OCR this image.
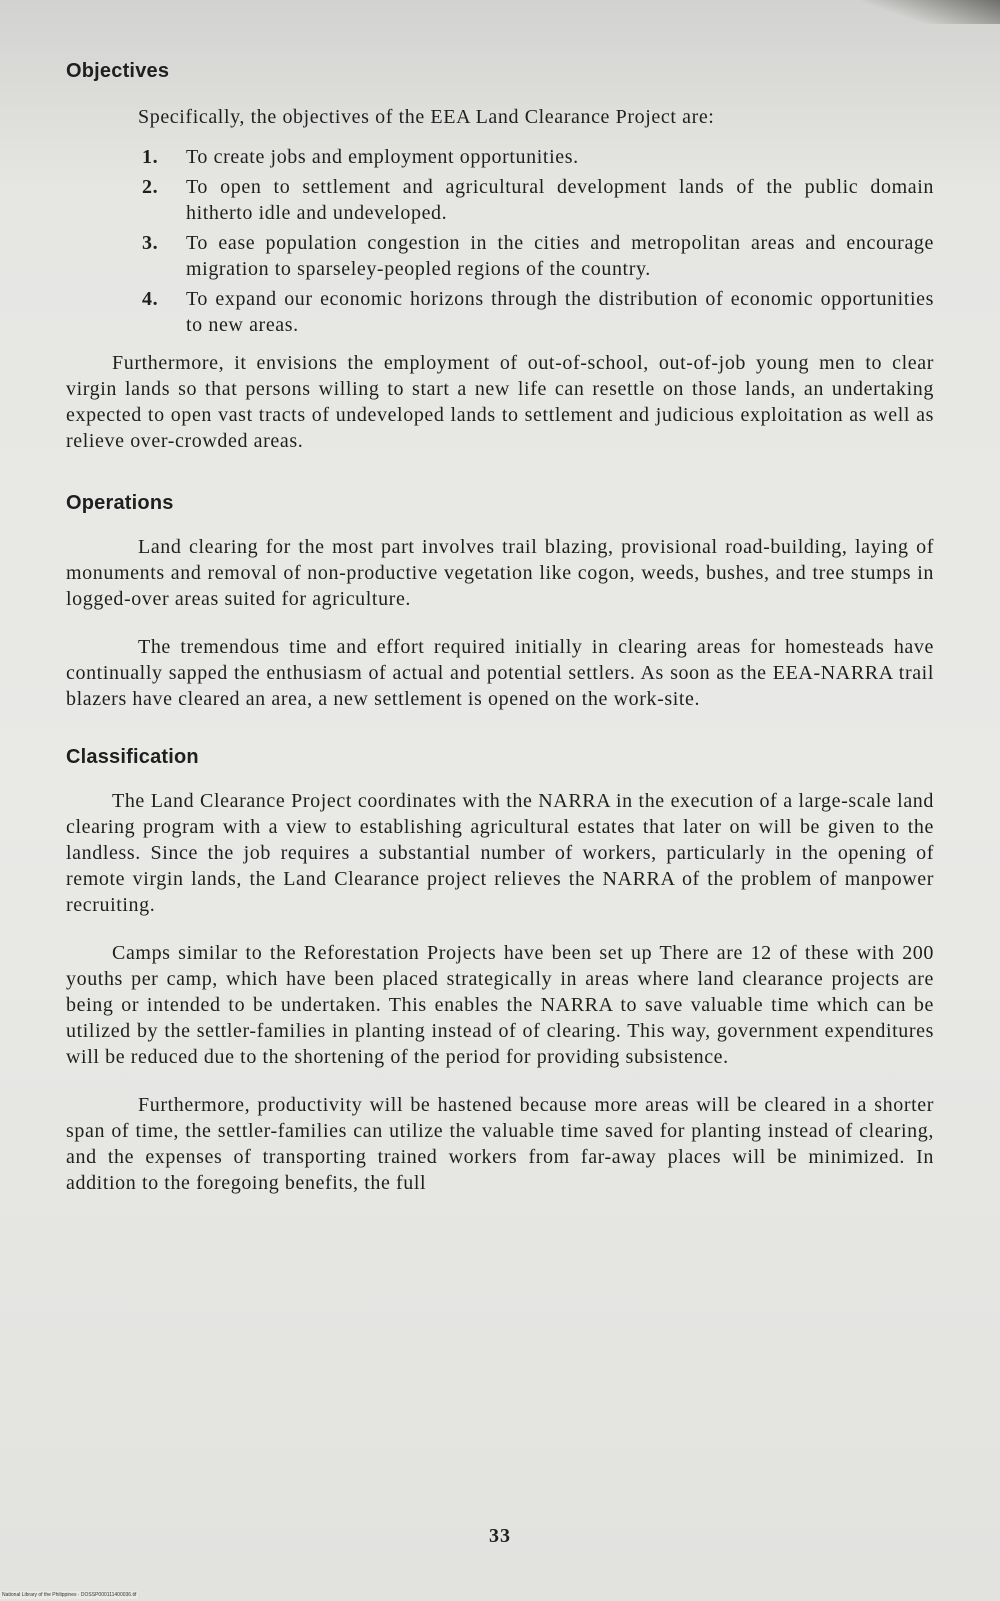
Objectives

Specifically, the objectives of the EEA Land Clearance Project are:

1.	To create jobs and employment opportunities.
2.	To open to settlement and agricultural development lands of the public domain hitherto idle and undeveloped.
3.	To ease population congestion in the cities and metropolitan areas and encourage migration to sparseley-peopled regions of the country.
4.	To expand our economic horizons through the distribution of economic opportunities to new areas.

Furthermore, it envisions the employment of out-of-school, out-of-job young men to clear virgin lands so that persons willing to start a new life can resettle on those lands, an undertaking expected to open vast tracts of undeveloped lands to settlement and judicious exploitation as well as relieve over-crowded areas.

Operations

Land clearing for the most part involves trail blazing, provisional road-building, laying of monuments and removal of non-productive vegetation like cogon, weeds, bushes, and tree stumps in logged-over areas suited for agriculture.

The tremendous time and effort required initially in clearing areas for homesteads have continually sapped the enthusiasm of actual and potential settlers. As soon as the EEA-NARRA trail blazers have cleared an area, a new settlement is opened on the work-site.

Classification

The Land Clearance Project coordinates with the NARRA in the execution of a large-scale land clearing program with a view to establishing agricultural estates that later on will be given to the landless. Since the job requires a substantial number of workers, particularly in the opening of remote virgin lands, the Land Clearance project relieves the NARRA of the problem of manpower recruiting.

Camps similar to the Reforestation Projects have been set up There are 12 of these with 200 youths per camp, which have been placed strategically in areas where land clearance projects are being or intended to be undertaken. This enables the NARRA to save valuable time which can be utilized by the settler-families in planting instead of of clearing. This way, government expenditures will be reduced due to the shortening of the period for providing subsistence.

Furthermore, productivity will be hastened because more areas will be cleared in a shorter span of time, the settler-families can utilize the valuable time saved for planting instead of clearing, and the expenses of transporting trained workers from far-away places will be minimized. In addition to the foregoing benefits, the full

33
National Library of the Philippines · DOSSP000111400036.tif
